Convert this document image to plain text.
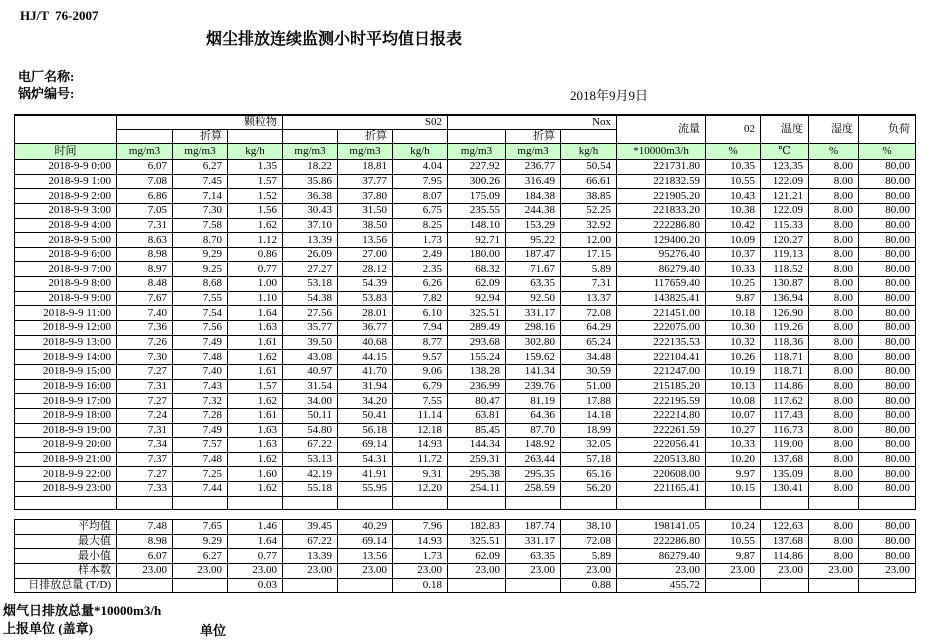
HJ/T  76-2007
烟尘排放连续监测小时平均值日报表
电厂名称:
锅炉编号:	2018年9月9日
	颗粒物			S02			Nox			流量	02	温度	湿度	负荷
		折算			折算			折算						
时间	mg/m3	mg/m3	kg/h	mg/m3	mg/m3	kg/h	mg/m3	mg/m3	kg/h	*10000m3/h	%	℃	%	%
2018-9-9 0:00	6.07	6.27	1.35	18.22	18.81	4.04	227.92	236.77	50.54	221731.80	10.35	123.35	8.00	80.00
2018-9-9 1:00	7.08	7.45	1.57	35.86	37.77	7.95	300.26	316.49	66.61	221832.59	10.55	122.09	8.00	80.00
2018-9-9 2:00	6.86	7.14	1.52	36.38	37.80	8.07	175.09	184.38	38.85	221905.20	10.43	121.21	8.00	80.00
2018-9-9 3:00	7.05	7.30	1.56	30.43	31.50	6.75	235.55	244.38	52.25	221833.20	10.38	122.09	8.00	80.00
2018-9-9 4:00	7.31	7.58	1.62	37.10	38.50	8.25	148.10	153.29	32.92	222286.80	10.42	115.33	8.00	80.00
2018-9-9 5:00	8.63	8.70	1.12	13.39	13.56	1.73	92.71	95.22	12.00	129400.20	10.09	120.27	8.00	80.00
2018-9-9 6:00	8.98	9.29	0.86	26.09	27.00	2.49	180.00	187.47	17.15	95276.40	10.37	119.13	8.00	80.00
2018-9-9 7:00	8.97	9.25	0.77	27.27	28.12	2.35	68.32	71.67	5.89	86279.40	10.33	118.52	8.00	80.00
2018-9-9 8:00	8.48	8.68	1.00	53.18	54.39	6.26	62.09	63.35	7.31	117659.40	10.25	130.87	8.00	80.00
2018-9-9 9:00	7.67	7.55	1.10	54.38	53.83	7.82	92.94	92.50	13.37	143825.41	9.87	136.94	8.00	80.00
2018-9-9 11:00	7.40	7.54	1.64	27.56	28.01	6.10	325.51	331.17	72.08	221451.00	10.18	126.90	8.00	80.00
2018-9-9 12:00	7.36	7.56	1.63	35.77	36.77	7.94	289.49	298.16	64.29	222075.00	10.30	119.26	8.00	80.00
2018-9-9 13:00	7.26	7.49	1.61	39.50	40.68	8.77	293.68	302.80	65.24	222135.53	10.32	118.36	8.00	80.00
2018-9-9 14:00	7.30	7.48	1.62	43.08	44.15	9.57	155.24	159.62	34.48	222104.41	10.26	118.71	8.00	80.00
2018-9-9 15:00	7.27	7.40	1.61	40.97	41.70	9.06	138.28	141.34	30.59	221247.00	10.19	118.71	8.00	80.00
2018-9-9 16:00	7.31	7.43	1.57	31.54	31.94	6.79	236.99	239.76	51.00	215185.20	10.13	114.86	8.00	80.00
2018-9-9 17:00	7.27	7.32	1.62	34.00	34.20	7.55	80.47	81.19	17.88	222195.59	10.08	117.62	8.00	80.00
2018-9-9 18:00	7.24	7.28	1.61	50.11	50.41	11.14	63.81	64.36	14.18	222214.80	10.07	117.43	8.00	80.00
2018-9-9 19:00	7.31	7.49	1.63	54.80	56.18	12.18	85.45	87.70	18.99	222261.59	10.27	116.73	8.00	80.00
2018-9-9 20:00	7.34	7.57	1.63	67.22	69.14	14.93	144.34	148.92	32.05	222056.41	10.33	119.00	8.00	80.00
2018-9-9 21:00	7.37	7.48	1.62	53.13	54.31	11.72	259.31	263.44	57.18	220513.80	10.20	137.68	8.00	80.00
2018-9-9 22:00	7.27	7.25	1.60	42.19	41.91	9.31	295.38	295.35	65.16	220608.00	9.97	135.09	8.00	80.00
2018-9-9 23:00	7.33	7.44	1.62	55.18	55.95	12.20	254.11	258.59	56.20	221165.41	10.15	130.41	8.00	80.00

平均值	7.48	7.65	1.46	39.45	40.29	7.96	182.83	187.74	38.10	198141.05	10.24	122.63	8.00	80.00
最大值	8.98	9.29	1.64	67.22	69.14	14.93	325.51	331.17	72.08	222286.80	10.55	137.68	8.00	80.00
最小值	6.07	6.27	0.77	13.39	13.56	1.73	62.09	63.35	5.89	86279.40	9.87	114.86	8.00	80.00
样本数	23.00	23.00	23.00	23.00	23.00	23.00	23.00	23.00	23.00	23.00	23.00	23.00	23.00	23.00
日排放总量 (T/D)			0.03			0.18			0.88	455.72				
烟气日排放总量*10000m3/h
上报单位 (盖章)	单位
